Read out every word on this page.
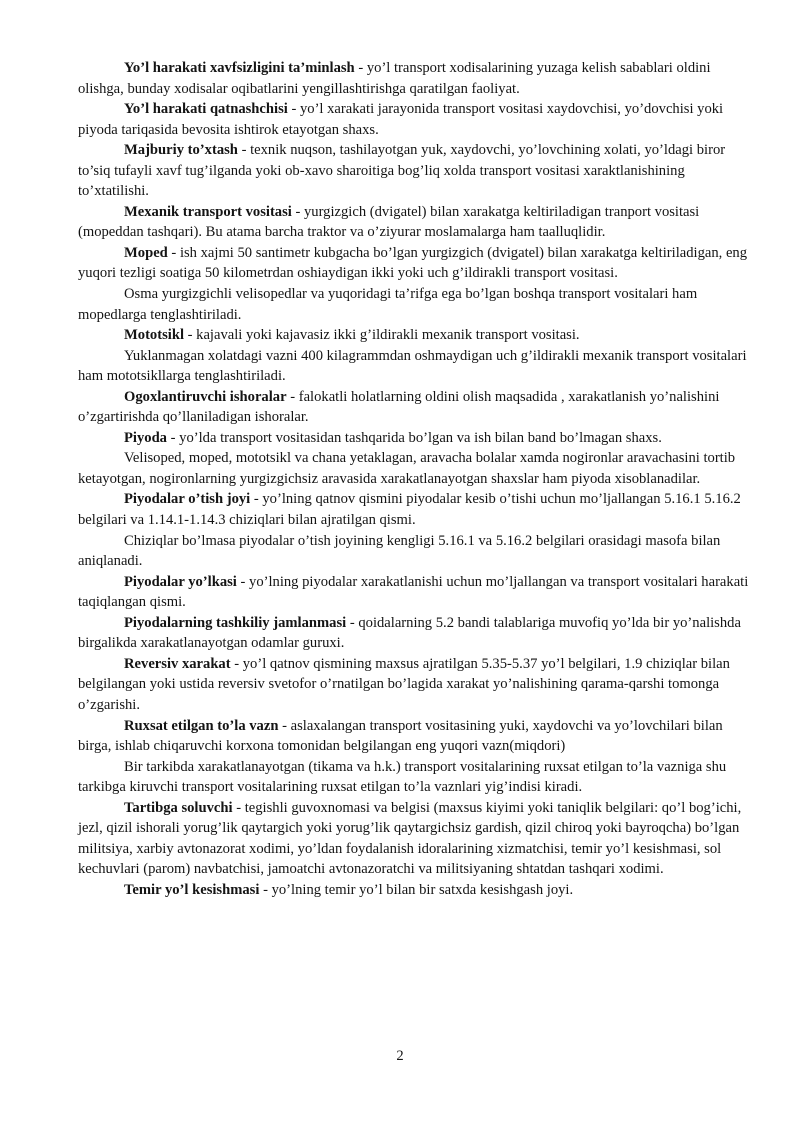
Yo’l harakati xavfsizligini ta’minlash - yo’l transport xodisalarining yuzaga kelish sabablari oldini olishga, bunday xodisalar oqibatlarini yengillashtirishga qaratilgan faoliyat.

Yo’l harakati qatnashchisi - yo’l xarakati jarayonida transport vositasi xaydovchisi, yo’dovchisi yoki piyoda tariqasida bevosita ishtirok etayotgan shaxs.

Majburiy to’xtash - texnik nuqson, tashilayotgan yuk, xaydovchi, yo’lovchining xolati, yo’ldagi biror to’siq tufayli xavf tug’ilganda yoki ob-xavo sharoitiga bog’liq xolda transport vositasi xaraktlanishining to’xtatilishi.

Mexanik transport vositasi - yurgizgich (dvigatel) bilan xarakatga keltiriladigan tranport vositasi (mopeddan tashqari). Bu atama barcha traktor va o’ziyurar moslamalarga ham taalluqlidir.

Moped - ish xajmi 50 santimetr kubgacha bo’lgan yurgizgich (dvigatel) bilan xarakatga keltiriladigan, eng yuqori tezligi soatiga 50 kilometrdan oshiaydigan ikki yoki uch g’ildirakli transport vositasi.

Osma yurgizgichli velisopedlar va yuqoridagi ta’rifga ega bo’lgan boshqa transport vositalari ham mopedlarga tenglashtiriladi.

Mototsikl - kajavali yoki kajavasiz ikki g’ildirakli mexanik transport vositasi.

Yuklanmagan xolatdagi vazni 400 kilagrammdan oshmaydigan uch g’ildirakli mexanik transport vositalari ham mototsikllarga tenglashtiriladi.

Ogoxlantiruvchi ishoralar - falokatli holatlarning oldini olish maqsadida , xarakatlanish yo’nalishini o’zgartirishda qo’llaniladigan ishoralar.

Piyoda - yo’lda transport vositasidan tashqarida bo’lgan va ish bilan band bo’lmagan shaxs.

Velisoped, moped, mototsikl va chana yetaklagan, aravacha bolalar xamda nogironlar aravachasini tortib ketayotgan, nogironlarning yurgizgichsiz aravasida xarakatlanayotgan shaxslar ham piyoda xisoblanadilar.

Piyodalar o’tish joyi - yo’lning qatnov qismini piyodalar kesib o’tishi uchun mo’ljallangan 5.16.1 5.16.2 belgilari va 1.14.1-1.14.3 chiziqlari bilan ajratilgan qismi.

Chiziqlar bo’lmasa piyodalar o’tish joyining kengligi 5.16.1 va 5.16.2 belgilari orasidagi masofa bilan aniqlanadi.

Piyodalar yo’lkasi - yo’lning piyodalar xarakatlanishi uchun mo’ljallangan va transport vositalari harakati taqiqlangan qismi.

Piyodalarning tashkiliy jamlanmasi - qoidalarning 5.2 bandi talablariga muvofiq yo’lda bir yo’nalishda birgalikda xarakatlanayotgan odamlar guruxi.

Reversiv xarakat - yo’l qatnov qismining maxsus ajratilgan 5.35-5.37 yo’l belgilari, 1.9 chiziqlar bilan belgilangan yoki ustida reversiv svetofor o’rnatilgan bo’lagida xarakat yo’nalishining qarama-qarshi tomonga o’zgarishi.

Ruxsat etilgan to’la vazn - aslaxalangan transport vositasining yuki, xaydovchi va yo’lovchilari bilan birga, ishlab chiqaruvchi korxona tomonidan belgilangan eng yuqori vazn(miqdori)

Bir tarkibda xarakatlanayotgan (tikama va h.k.) transport vositalarining ruxsat etilgan to’la vazniga shu tarkibga kiruvchi transport vositalarining ruxsat etilgan to’la vaznlari yig’indisi kiradi.

Tartibga soluvchi - tegishli guvoxnomasi va belgisi (maxsus kiyimi yoki taniqlik belgilari: qo’l bog’ichi, jezl, qizil ishorali yorug’lik qaytargich yoki yorug’lik qaytargichsiz gardish, qizil chiroq yoki bayroqcha) bo’lgan militsiya, xarbiy avtonazorat xodimi, yo’ldan foydalanish idoralarining xizmatchisi, temir yo’l kesishmasi, sol kechuvlari (parom) navbatchisi, jamoatchi avtonazoratchi va militsiyaning shtatdan tashqari xodimi.

Temir yo’l kesishmasi - yo’lning temir yo’l bilan bir satxda kesishgash joyi.

2
